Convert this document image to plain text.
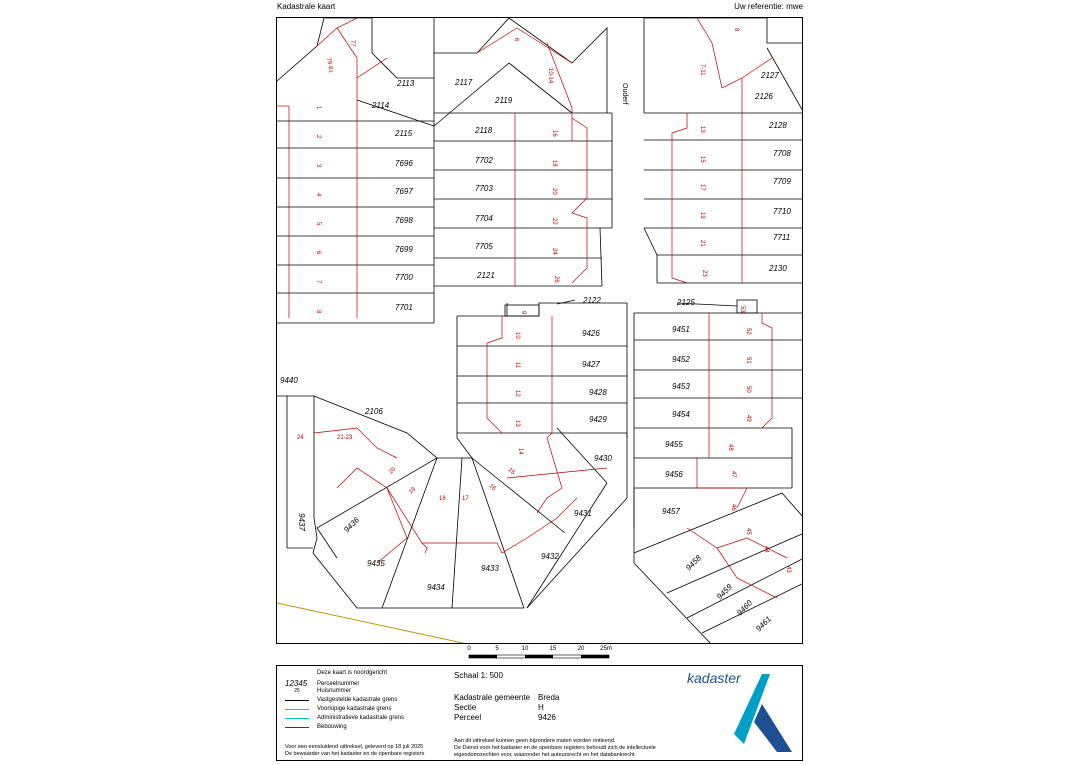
Kadastrale kaart	Uw referentie: mwe
2113
2114
2115
7696
7697
7698
7699
7700
7701
2117
2119
2118
7702
7703
7704
7705
2121
2122
2127
2126
2128
7708
7709
7710
7711
2130
2125
9426
9427
9428
9429
9430
9431
9432
9433
9434
9435
9436
9437
9440
2106
9451
9452
9453
9454
9455
9456
9457
9458
9459
9460
9461
77
79-81
1
2
3
4
5
6
7
8
6
10-14
16
18
20
22
24
26
8
7-11
13
15
17
19
21
23
9
10
11
12
13
14
15
16
17
18
19
20
21-23
24
53
52
51
50
49
48
47
46
45
44
43
Ouderf
0	5	10	15	20	25m
Deze kaart is noordgericht
12345 Perceelnummer
25	Huisnummer
Vastgestelde kadastrale grens
Voorlopige kadastrale grens
Administratieve kadastrale grens
Bebouwing
Voor een eensluidend uittreksel, geleverd op 18 juli 2025
De bewaarder van het kadaster en de openbare registers
Schaal 1: 500
Kadastrale gemeente Breda
Sectie	H
Perceel	9426
Aan dit uittreksel kunnen geen bijzondere maten worden ontleend.
De Dienst voor het kadaster en de openbare registers behoudt zich de intellectuele
eigendomsrechten voor, waaronder het auteursrecht en het databankrecht.
kadaster
